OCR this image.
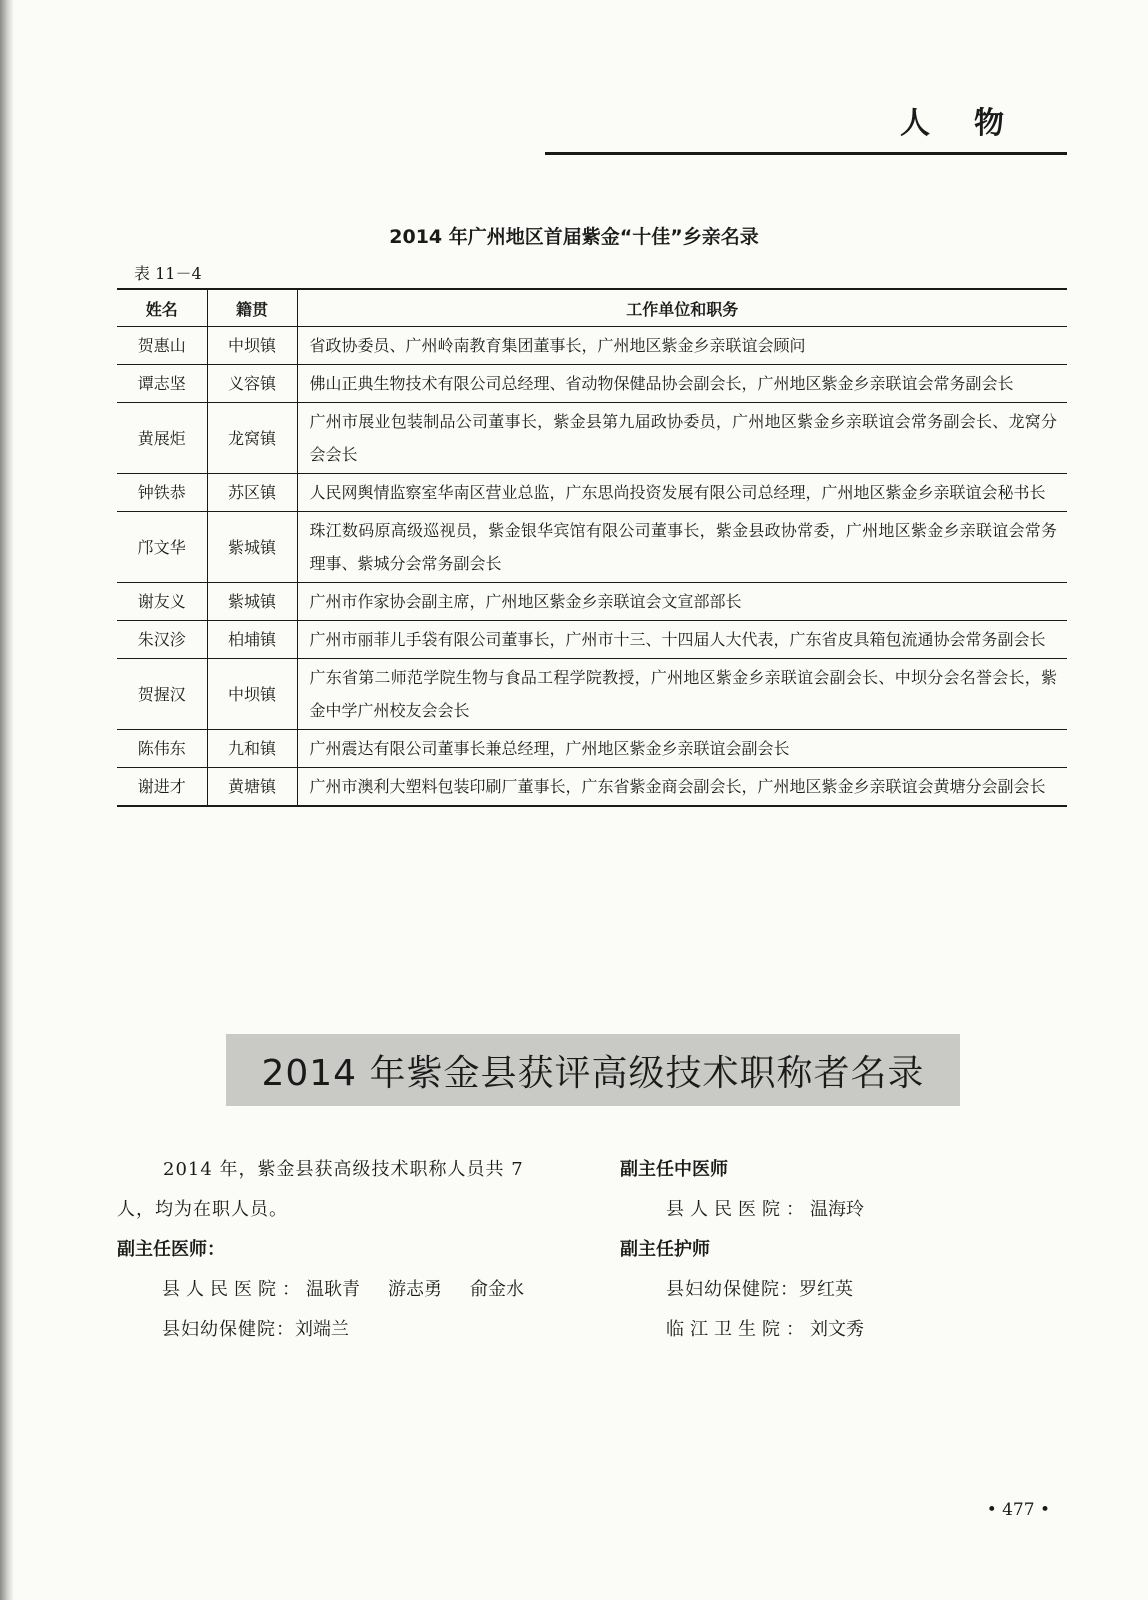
人物
2014 年广州地区首届紫金“十佳”乡亲名录
表 11－4
姓名	籍贯	工作单位和职务
贺惠山	中坝镇	省政协委员、广州岭南教育集团董事长，广州地区紫金乡亲联谊会顾问
谭志坚	义容镇	佛山正典生物技术有限公司总经理、省动物保健品协会副会长，广州地区紫金乡亲联谊会常务副会长
黄展炬	龙窝镇	广州市展业包装制品公司董事长，紫金县第九届政协委员，广州地区紫金乡亲联谊会常务副会长、龙窝分会会长
钟铁恭	苏区镇	人民网舆情监察室华南区营业总监，广东思尚投资发展有限公司总经理，广州地区紫金乡亲联谊会秘书长
邝文华	紫城镇	珠江数码原高级巡视员，紫金银华宾馆有限公司董事长，紫金县政协常委，广州地区紫金乡亲联谊会常务理事、紫城分会常务副会长
谢友义	紫城镇	广州市作家协会副主席，广州地区紫金乡亲联谊会文宣部部长
朱汉沴	柏埔镇	广州市丽菲儿手袋有限公司董事长，广州市十三、十四届人大代表，广东省皮具箱包流通协会常务副会长
贺握汉	中坝镇	广东省第二师范学院生物与食品工程学院教授，广州地区紫金乡亲联谊会副会长、中坝分会名誉会长，紫金中学广州校友会会长
陈伟东	九和镇	广州震达有限公司董事长兼总经理，广州地区紫金乡亲联谊会副会长
谢进才	黄塘镇	广州市澳利大塑料包装印刷厂董事长，广东省紫金商会副会长，广州地区紫金乡亲联谊会黄塘分会副会长
2014 年紫金县获评高级技术职称者名录
2014 年，紫金县获高级技术职称人员共 7
人，均为在职人员。
副主任医师：
县人民医院：温耿青 游志勇 俞金水
县妇幼保健院：刘端兰
副主任中医师
县人民医院：温海玲
副主任护师
县妇幼保健院：罗红英
临江卫生院：刘文秀
• 477 •
